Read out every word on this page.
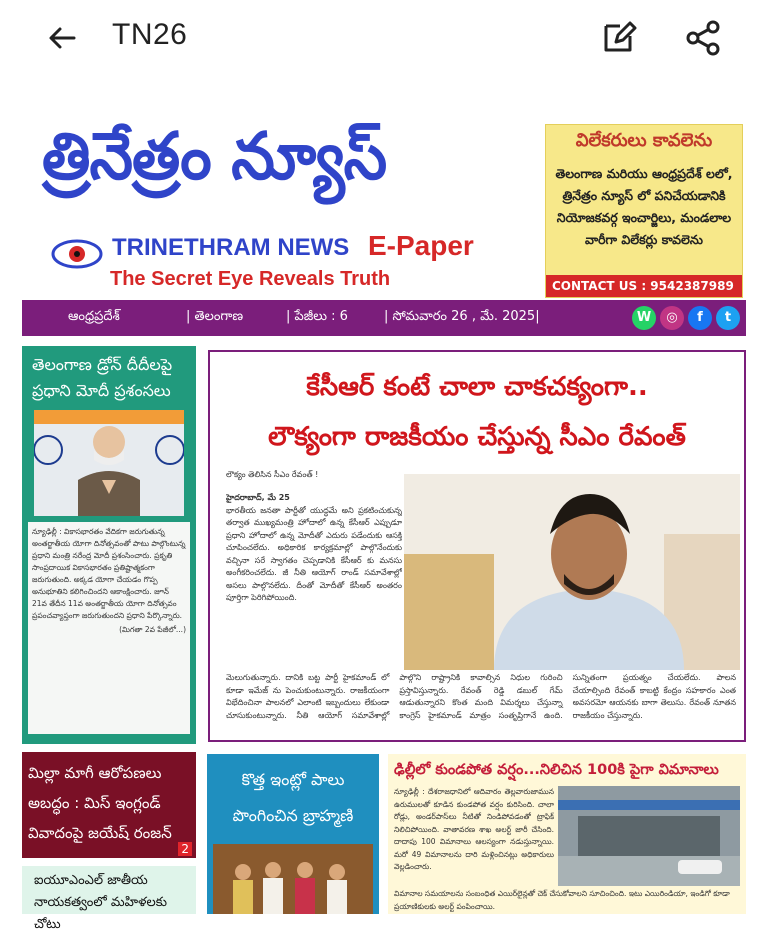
TN26
త్రినేత్రం న్యూస్
TRINETHRAM NEWS E-Paper
The Secret Eye Reveals Truth
విలేకరులు కావలెను
తెలంగాణ మరియు ఆంధ్రప్రదేశ్ లలో, త్రినేత్రం న్యూస్ లో పనిచేయడానికి నియోజకవర్గ ఇంచార్జిలు, మండలాల వారీగా విలేకర్లు కావలెను
CONTACT US : 9542387989
ఆంధ్రప్రదేశ్	| తెలంగాణ	| పేజీలు : 6	| సోమవారం 26 , మే. 2025|	W	◎	f	t
తెలంగాణ డ్రోన్ దీదీలపై ప్రధాని మోదీ ప్రశంసలు
న్యూఢిల్లీ : వికాసభారతం వేదికగా జరుగుతున్న అంతర్జాతీయ యోగా దినోత్సవంతో పాటు పాల్గొంటున్న ప్రధాని మంత్రి నరేంద్ర మోదీ ప్రశంసించారు. ప్రకృతి సాంప్రదాయిక వికాసభారతం ప్రతిష్టాత్మకంగా జరుగుతుంది. అక్కడ యోగా చేయడం గొప్ప అనుభూతిని కలిగించిందని ఆకాంక్షించారు. జూన్ 21వ తేదీన 11వ అంతర్జాతీయ యోగా దినోత్సవం ప్రపంచవ్యాప్తంగా జరుగుతుందని ప్రధాని పేర్కొన్నారు.
(మిగతా 2వ పేజీలో...)
కేసీఆర్ కంటే చాలా చాకచక్యంగా..
లౌక్యంగా రాజకీయం చేస్తున్న సీఎం రేవంత్
లౌక్యం తెలిసిన సీఎం రేవంత్ !
హైదరాబాద్, మే 25
భారతీయ జనతా పార్టీతో యుద్ధమే అని ప్రకటించుకున్న తర్వాత ముఖ్యమంత్రి హోదాలో ఉన్న కేసీఆర్ ఎప్పుడూ ప్రధాని హోదాలో ఉన్న మోదీతో ఎదురు పడేందుకు ఆసక్తి చూపించలేదు. అధికారిక కార్యక్రమాల్లో పాల్గొనేందుకు వచ్చినా సరే స్వాగతం చెప్పడానికి కేసీఆర్ కు మనసు అంగీకరించలేదు. జీ నీతి ఆయోగ్ రాండ్ సమావేశాల్లో అసలు పాల్గొనలేదు. దీంతో మోదీతో కేసీఆర్ అంతరం పూర్తిగా పెరిగిపోయింది.
మెలుగుతున్నారు. దానికి బట్ట పార్టీ హైకమాండ్ లో కూడా ఇమేజ్ ను పెంచుకుంటున్నారు. రాజకీయంగా విభేదించినా పాలనలో ఎలాంటి ఇబ్బందులు లేకుండా చూసుకుంటున్నారు. నీతి ఆయోగ్ సమావేశాల్లో పాల్గొని రాష్ట్రానికి కావాల్సిన నిధుల గురించి ప్రస్తావిస్తున్నారు. రేవంత్ రెడ్డి డబుల్ గేమ్ ఆడుతున్నారని కొంత మంది విమర్శలు చేస్తున్నా కాంగ్రెస్ హైకమాండ్ మాత్రం సంతృప్తిగానే ఉంది. సున్నితంగా ప్రయత్నం చేయలేదు. పాలన చేయాల్సింది రేవంత్ కాబట్టి కేంద్రం సహకారం ఎంత అవసరమో ఆయనకు బాగా తెలుసు. రేవంత్ నూతన రాజకీయం చేస్తున్నారు.
మిల్లా మాగీ ఆరోపణలు అబద్ధం : మిస్ ఇంగ్లండ్ వివాదంపై జయేష్ రంజన్
2
ఐయూఎంఎల్ జాతీయ నాయకత్వంలో మహిళలకు చోటు
కొత్త ఇంట్లో పాలు పొంగించిన బ్రాహ్మణి
ఢిల్లీలో కుండపోత వర్షం...నిలిచిన 100కి పైగా విమానాలు
న్యూఢిల్లీ : దేశరాజధానిలో ఆదివారం తెల్లవారుజామున ఉరుములతో కూడిన కుండపోత వర్షం కురిసింది. చాలా రోడ్లు, అండర్‌పాస్‌లు నీటితో నిండిపోవడంతో ట్రాఫిక్ నిలిచిపోయింది. వాతావరణ శాఖ అలర్ట్ జారీ చేసింది. దాదాపు 100 విమానాలు ఆలస్యంగా నడుస్తున్నాయి. మరో 49 విమానాలను దారి మళ్లించినట్లు అధికారులు వెల్లడించారు.
విమానాల సమయాలను సంబంధిత ఎయిర్‌లైన్లతో చెక్ చేసుకోవాలని సూచించింది. ఇటు ఎయిరిండియా, ఇండిగో కూడా ప్రయాణికులకు అలర్ట్ పంపించాయి.
